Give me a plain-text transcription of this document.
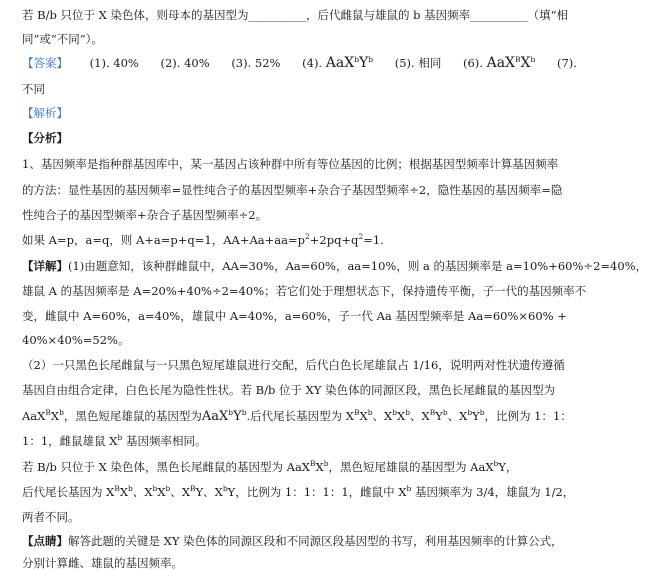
若 B/b 只位于 X 染色体，则母本的基因型为__________，后代雌鼠与雄鼠的 b 基因频率__________（填“相
同”或“不同”）。
【答案】 (1). 40% (2). 40% (3). 52% (4). $AaX^bY^b$ (5). 相同 (6). $AaX^BX^b$ (7).
不同
【解析】
【分析】
1、基因频率是指种群基因库中，某一基因占该种群中所有等位基因的比例；根据基因型频率计算基因频率
的方法：显性基因的基因频率=显性纯合子的基因型频率+杂合子基因型频率÷2，隐性基因的基因频率=隐
性纯合子的基因型频率+杂合子基因型频率÷2。
如果 A=p，a=q，则 A+a=p+q=1，$AA+Aa+aa=p^2+2pq+q^2=1$.
【详解】(1)由题意知，该种群雌鼠中，AA=30%，Aa=60%，aa=10%，则 a 的基因频率是 a=10%+60%÷2=40%，
雄鼠 A 的基因频率是 A=20%+40%÷2=40%；若它们处于理想状态下，保持遗传平衡，子一代的基因频率不
变，雌鼠中 A=60%，a=40%，雄鼠中 A=40%，a=60%，子一代 Aa 基因型频率是 Aa=60%×60% +
40%×40%=52%。
（2）一只黑色长尾雌鼠与一只黑色短尾雄鼠进行交配，后代白色长尾雄鼠占 1/16，说明两对性状遗传遵循
基因自由组合定律，白色长尾为隐性性状。若 B/b 位于 XY 染色体的同源区段，黑色长尾雌鼠的基因型为
$AaX^BX^b$，黑色短尾雄鼠的基因型为$AaX^bY^b$.后代尾长基因型为 $X^BX^b$、$X^bX^b$、$X^BY^b$、$X^bY^b$，比例为 1：1：
1：1，雌鼠雄鼠 $X^b$ 基因频率相同。
若 B/b 只位于 X 染色体，黑色长尾雌鼠的基因型为 $AaX^BX^b$，黑色短尾雄鼠的基因型为 AaX$^b$Y，
后代尾长基因为 $X^BX^b$、$X^bX^b$、$X^BY$、$X^bY$，比例为 1：1：1：1，雌鼠中 $X^b$ 基因频率为 3/4，雄鼠为 1/2，
两者不同。
【点睛】解答此题的关键是 XY 染色体的同源区段和不同源区段基因型的书写，利用基因频率的计算公式，
分别计算雌、雄鼠的基因频率。
